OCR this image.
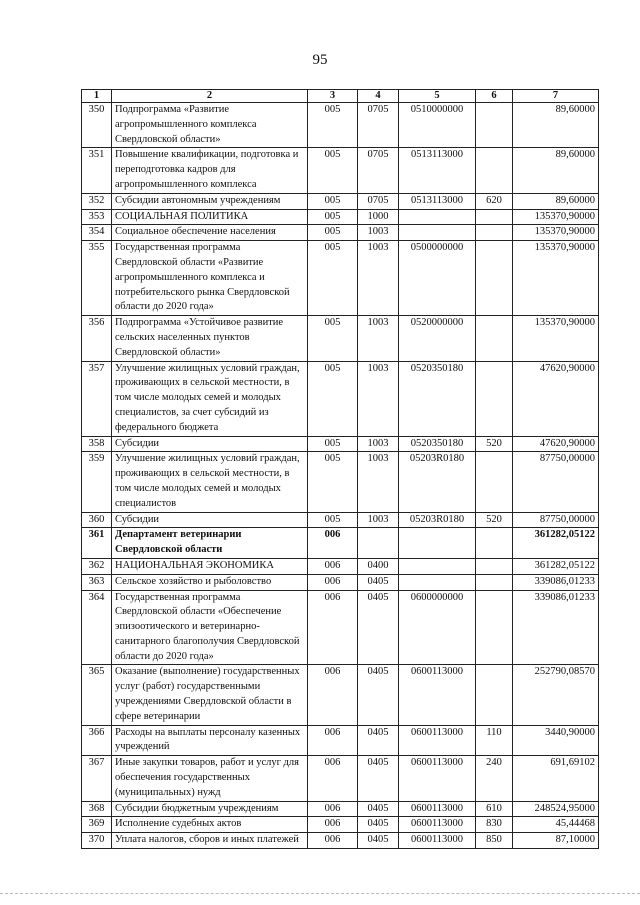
95
1	2	3	4	5	6	7
350	Подпрограмма «Развитие агропромышленного комплекса Свердловской области»	005	0705	0510000000		89,60000
351	Повышение квалификации, подготовка и переподготовка кадров для агропромышленного комплекса	005	0705	0513113000		89,60000
352	Субсидии автономным учреждениям	005	0705	0513113000	620	89,60000
353	СОЦИАЛЬНАЯ ПОЛИТИКА	005	1000			135370,90000
354	Социальное обеспечение населения	005	1003			135370,90000
355	Государственная программа Свердловской области «Развитие агропромышленного комплекса и потребительского рынка Свердловской области до 2020 года»	005	1003	0500000000		135370,90000
356	Подпрограмма «Устойчивое развитие сельских населенных пунктов Свердловской области»	005	1003	0520000000		135370,90000
357	Улучшение жилищных условий граждан, проживающих в сельской местности, в том числе молодых семей и молодых специалистов, за счет субсидий из федерального бюджета	005	1003	0520350180		47620,90000
358	Субсидии	005	1003	0520350180	520	47620,90000
359	Улучшение жилищных условий граждан, проживающих в сельской местности, в том числе молодых семей и молодых специалистов	005	1003	05203R0180		87750,00000
360	Субсидии	005	1003	05203R0180	520	87750,00000
361	Департамент ветеринарии Свердловской области	006				361282,05122
362	НАЦИОНАЛЬНАЯ ЭКОНОМИКА	006	0400			361282,05122
363	Сельское хозяйство и рыболовство	006	0405			339086,01233
364	Государственная программа Свердловской области «Обеспечение эпизоотического и ветеринарно-санитарного благополучия Свердловской области до 2020 года»	006	0405	0600000000		339086,01233
365	Оказание (выполнение) государственных услуг (работ) государственными учреждениями Свердловской области в сфере ветеринарии	006	0405	0600113000		252790,08570
366	Расходы на выплаты персоналу казенных учреждений	006	0405	0600113000	110	3440,90000
367	Иные закупки товаров, работ и услуг для обеспечения государственных (муниципальных) нужд	006	0405	0600113000	240	691,69102
368	Субсидии бюджетным учреждениям	006	0405	0600113000	610	248524,95000
369	Исполнение судебных актов	006	0405	0600113000	830	45,44468
370	Уплата налогов, сборов и иных платежей	006	0405	0600113000	850	87,10000
